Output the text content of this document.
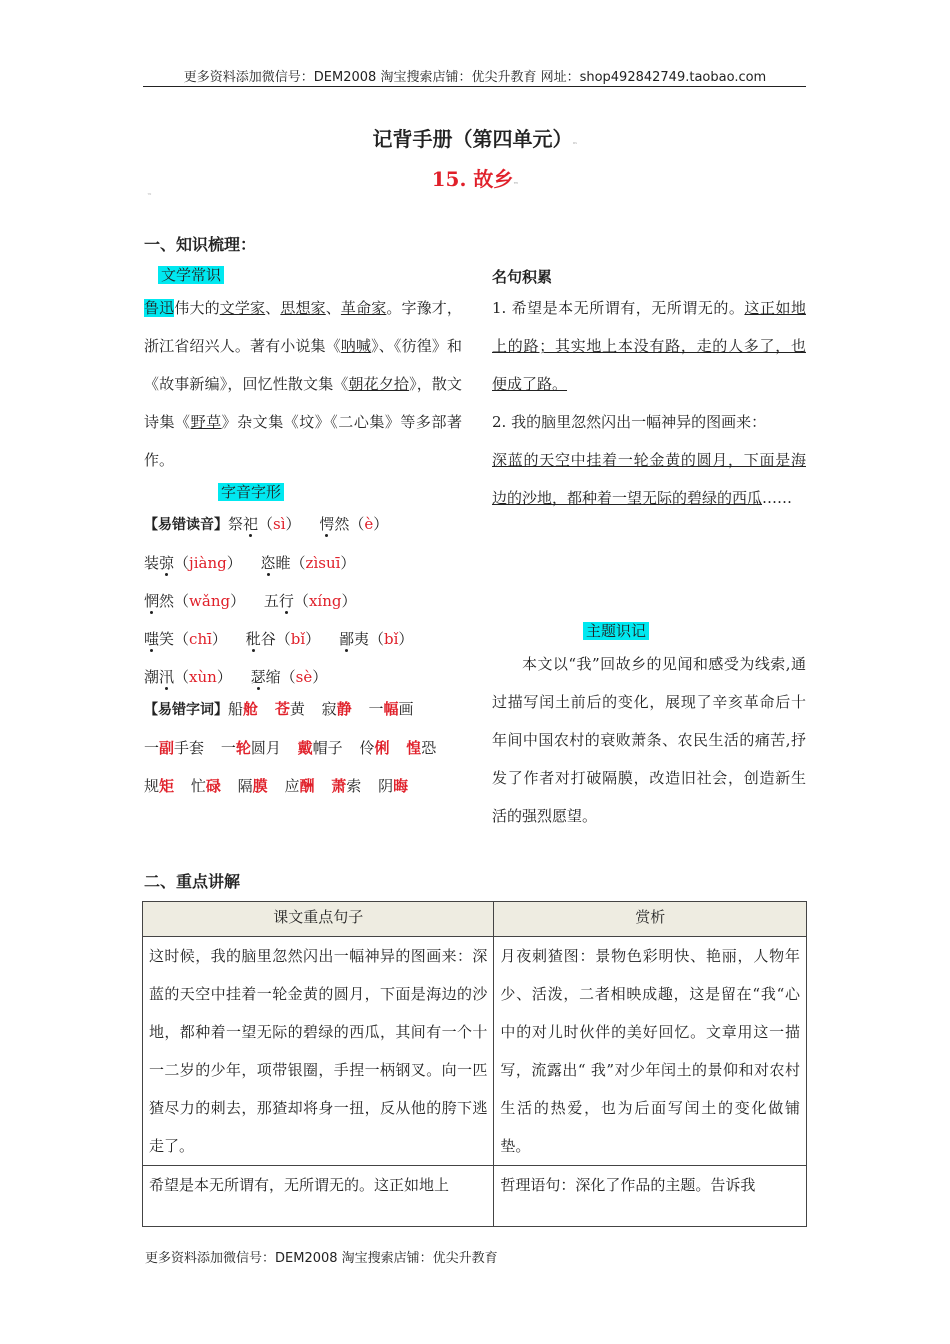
更多资料添加微信号：DEM2008 淘宝搜索店铺：优尖升教育 网址：shop492842749.taobao.com
记背手册（第四单元）™
15. 故乡™
™
一、知识梳理：
文学常识
鲁迅伟大的文学家、思想家、革命家。字豫才，浙江省绍兴人。著有小说集《呐喊》、《彷徨》和《故事新编》，回忆性散文集《朝花夕拾》，散文诗集《野草》杂文集《坟》《二心集》等多部著作。
字音字形
【易错读音】祭祀（sì） 愕然（è） 装弶（jiàng） 恣睢（zìsuī） 惘然（wǎng） 五行（xíng） 嗤笑（chī） 秕谷（bǐ） 鄙夷（bǐ） 潮汛（xùn） 瑟缩（sè）
【易错字词】船舱 苍黄 寂静 一幅画 一副手套 一轮圆月 戴帽子 伶俐 惶恐 规矩 忙碌 隔膜 应酬 萧索 阴晦
名句积累
1. 希望是本无所谓有，无所谓无的。这正如地上的路；其实地上本没有路，走的人多了，也便成了路。
2. 我的脑里忽然闪出一幅神异的图画来：
深蓝的天空中挂着一轮金黄的圆月，下面是海边的沙地，都种着一望无际的碧绿的西瓜……
主题识记
本文以“我”回故乡的见闻和感受为线索,通过描写闰土前后的变化，展现了辛亥革命后十年间中国农村的衰败萧条、农民生活的痛苦,抒发了作者对打破隔膜，改造旧社会，创造新生活的强烈愿望。
二、重点讲解
课文重点句子	赏析
这时候，我的脑里忽然闪出一幅神异的图画来：深蓝的天空中挂着一轮金黄的圆月，下面是海边的沙地，都种着一望无际的碧绿的西瓜，其间有一个十一二岁的少年，项带银圈，手捏一柄钢叉。向一匹猹尽力的刺去，那猹却将身一扭，反从他的胯下逃走了。	月夜刺猹图：景物色彩明快、艳丽，人物年少、活泼，二者相映成趣，这是留在“我“心中的对儿时伙伴的美好回忆。文章用这一描写，流露出“ 我”对少年闰土的景仰和对农村生活的热爱，也为后面写闰土的变化做铺垫。
希望是本无所谓有，无所谓无的。这正如地上	哲理语句：深化了作品的主题。告诉我
更多资料添加微信号：DEM2008 淘宝搜索店铺：优尖升教育
